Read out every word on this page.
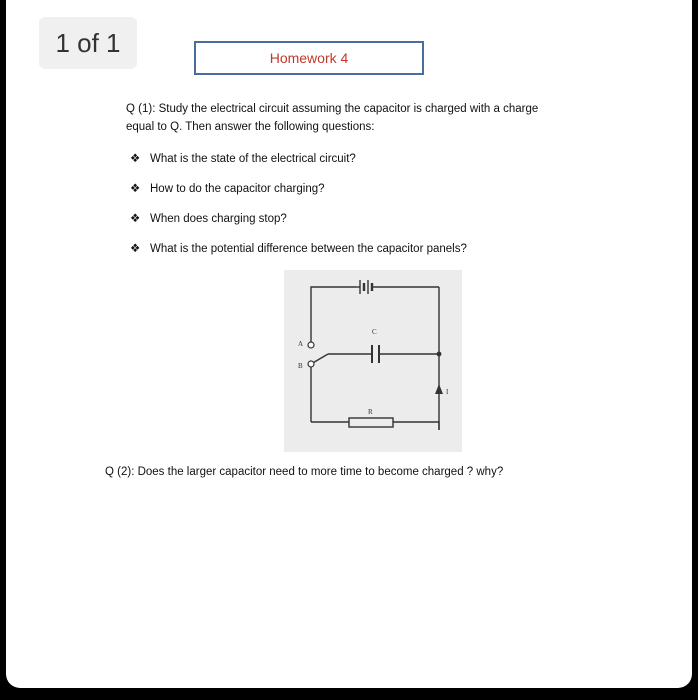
1 of 1	Homework 4
Q (1): Study the electrical circuit assuming the capacitor is charged with a charge
equal to Q. Then answer the following questions:
❖ What is the state of the electrical circuit?
❖ How to do the capacitor charging?
❖ When does charging stop?
❖ What is the potential difference between the capacitor panels?
A
B
C
R
I
Q (2): Does the larger capacitor need to more time to become charged ? why?
